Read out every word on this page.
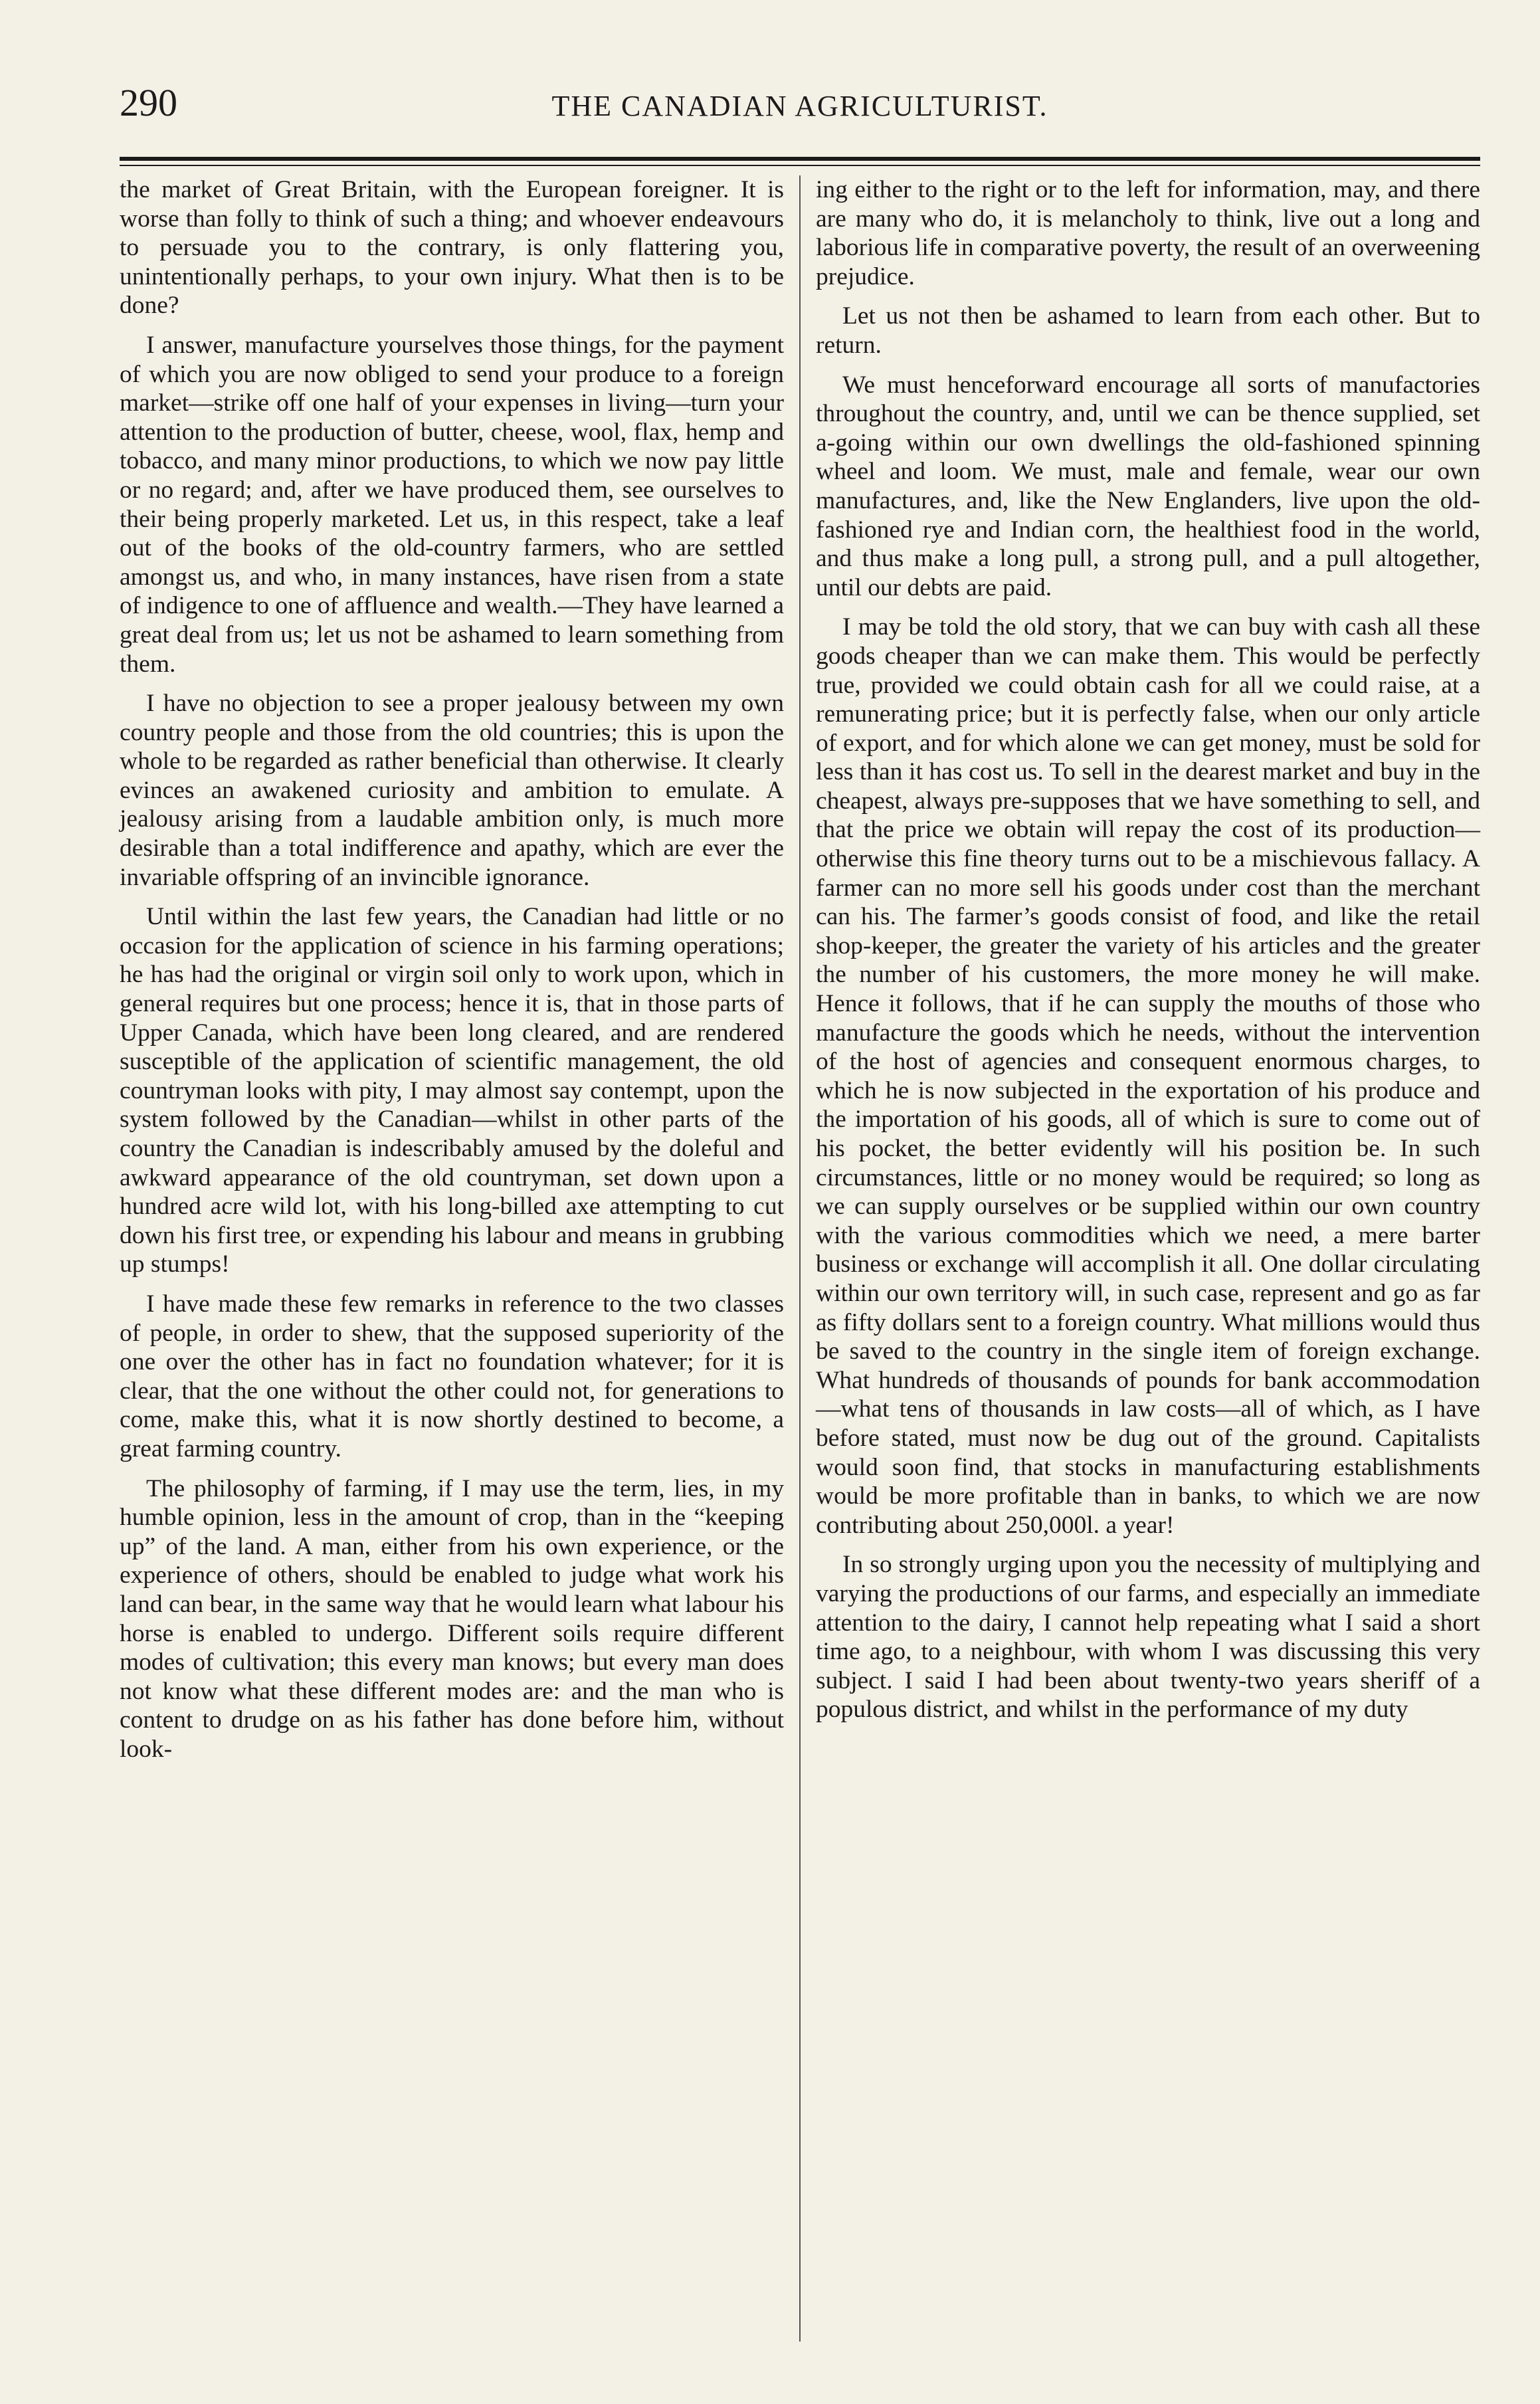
290	THE CANADIAN AGRICULTURIST.

the market of Great Britain, with the European foreigner. It is worse than folly to think of such a thing; and whoever endeavours to persuade you to the contrary, is only flattering you, unintentionally perhaps, to your own injury. What then is to be done?

I answer, manufacture yourselves those things, for the payment of which you are now obliged to send your produce to a foreign market—strike off one half of your expenses in living—turn your attention to the production of butter, cheese, wool, flax, hemp and tobacco, and many minor productions, to which we now pay little or no regard; and, after we have produced them, see ourselves to their being properly marketed. Let us, in this respect, take a leaf out of the books of the old-country farmers, who are settled amongst us, and who, in many instances, have risen from a state of indigence to one of affluence and wealth.—They have learned a great deal from us; let us not be ashamed to learn something from them.

I have no objection to see a proper jealousy between my own country people and those from the old countries; this is upon the whole to be regarded as rather beneficial than otherwise. It clearly evinces an awakened curiosity and ambition to emulate. A jealousy arising from a laudable ambition only, is much more desirable than a total indifference and apathy, which are ever the invariable offspring of an invincible ignorance.

Until within the last few years, the Canadian had little or no occasion for the application of science in his farming operations; he has had the original or virgin soil only to work upon, which in general requires but one process; hence it is, that in those parts of Upper Canada, which have been long cleared, and are rendered susceptible of the application of scientific management, the old countryman looks with pity, I may almost say contempt, upon the system followed by the Canadian—whilst in other parts of the country the Canadian is indescribably amused by the doleful and awkward appearance of the old countryman, set down upon a hundred acre wild lot, with his long-billed axe attempting to cut down his first tree, or expending his labour and means in grubbing up stumps!

I have made these few remarks in reference to the two classes of people, in order to shew, that the supposed superiority of the one over the other has in fact no foundation whatever; for it is clear, that the one without the other could not, for generations to come, make this, what it is now shortly destined to become, a great farming country.

The philosophy of farming, if I may use the term, lies, in my humble opinion, less in the amount of crop, than in the “keeping up” of the land. A man, either from his own experience, or the experience of others, should be enabled to judge what work his land can bear, in the same way that he would learn what labour his horse is enabled to undergo. Different soils require different modes of cultivation; this every man knows; but every man does not know what these different modes are: and the man who is content to drudge on as his father has done before him, without look-

ing either to the right or to the left for information, may, and there are many who do, it is melancholy to think, live out a long and laborious life in comparative poverty, the result of an overweening prejudice.

Let us not then be ashamed to learn from each other. But to return.

We must henceforward encourage all sorts of manufactories throughout the country, and, until we can be thence supplied, set a-going within our own dwellings the old-fashioned spinning wheel and loom. We must, male and female, wear our own manufactures, and, like the New Englanders, live upon the old-fashioned rye and Indian corn, the healthiest food in the world, and thus make a long pull, a strong pull, and a pull altogether, until our debts are paid.

I may be told the old story, that we can buy with cash all these goods cheaper than we can make them. This would be perfectly true, provided we could obtain cash for all we could raise, at a remunerating price; but it is perfectly false, when our only article of export, and for which alone we can get money, must be sold for less than it has cost us. To sell in the dearest market and buy in the cheapest, always pre-supposes that we have something to sell, and that the price we obtain will repay the cost of its production—otherwise this fine theory turns out to be a mischievous fallacy. A farmer can no more sell his goods under cost than the merchant can his. The farmer’s goods consist of food, and like the retail shop-keeper, the greater the variety of his articles and the greater the number of his customers, the more money he will make. Hence it follows, that if he can supply the mouths of those who manufacture the goods which he needs, without the intervention of the host of agencies and consequent enormous charges, to which he is now subjected in the exportation of his produce and the importation of his goods, all of which is sure to come out of his pocket, the better evidently will his position be. In such circumstances, little or no money would be required; so long as we can supply ourselves or be supplied within our own country with the various commodities which we need, a mere barter business or exchange will accomplish it all. One dollar circulating within our own territory will, in such case, represent and go as far as fifty dollars sent to a foreign country. What millions would thus be saved to the country in the single item of foreign exchange. What hundreds of thousands of pounds for bank accommodation—what tens of thousands in law costs—all of which, as I have before stated, must now be dug out of the ground. Capitalists would soon find, that stocks in manufacturing establishments would be more profitable than in banks, to which we are now contributing about 250,000l. a year!

In so strongly urging upon you the necessity of multiplying and varying the productions of our farms, and especially an immediate attention to the dairy, I cannot help repeating what I said a short time ago, to a neighbour, with whom I was discussing this very subject. I said I had been about twenty-two years sheriff of a populous district, and whilst in the performance of my duty
